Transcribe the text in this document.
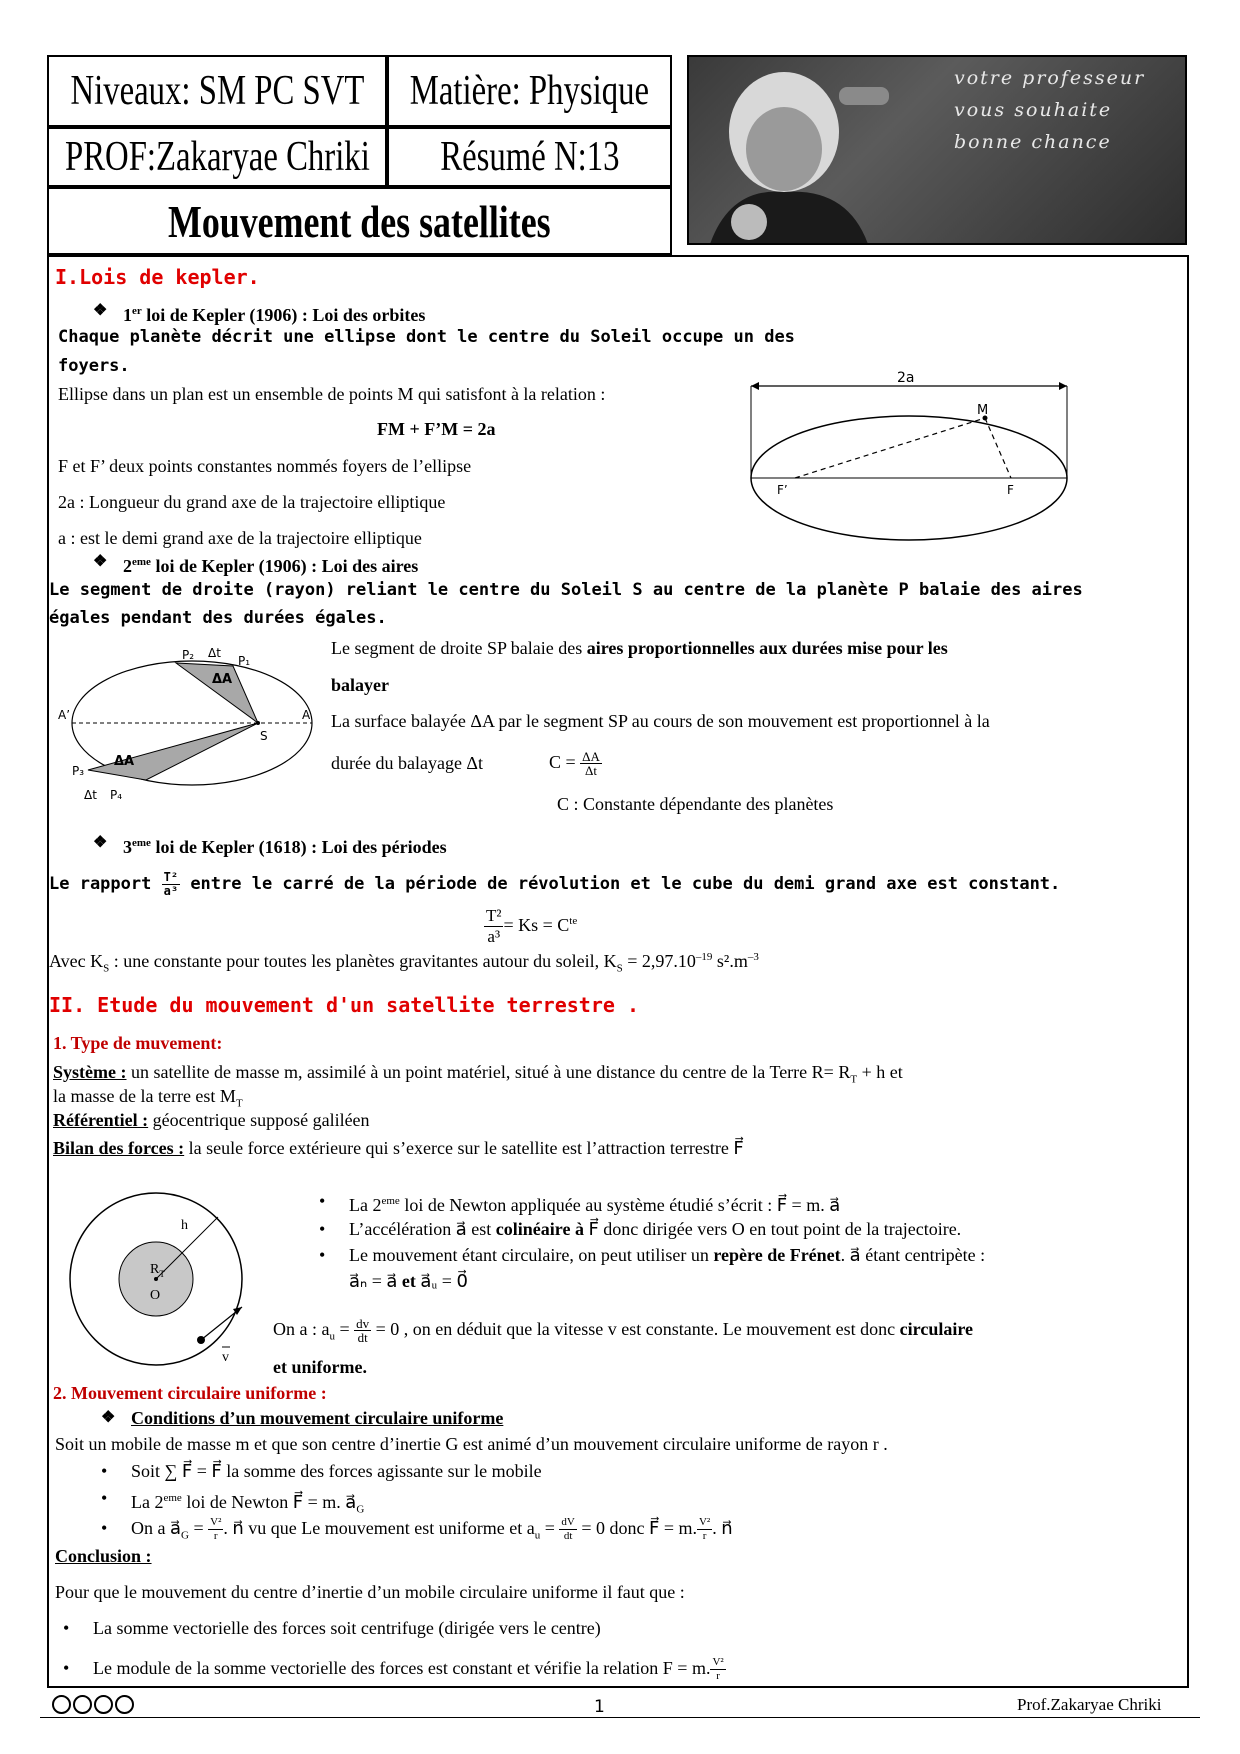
Niveaux: SM PC SVT Matière: Physique
PROF:Zakaryae Chriki Résumé N:13
Mouvement des satellites
votre professeur
vous souhaite
bonne chance
I.Lois de kepler.
❖ 1er loi de Kepler (1906) : Loi des orbites
Chaque planète décrit une ellipse dont le centre du Soleil occupe un des
foyers.
Ellipse dans un plan est un ensemble de points M qui satisfont à la relation :
FM + F’M = 2a
F et F’ deux points constantes nommés foyers de l’ellipse
2a : Longueur du grand axe de la trajectoire elliptique
a : est le demi grand axe de la trajectoire elliptique
2a
M
F’	F
❖ 2eme loi de Kepler (1906) : Loi des aires
Le segment de droite (rayon) reliant le centre du Soleil S au centre de la planète P balaie des aires
égales pendant des durées égales.
P₂ Δt
P₁
ΔA
S
A
A’
ΔA
P₃
Δt P₄
Le segment de droite SP balaie des aires proportionnelles aux durées mise pour les
balayer
La surface balayée ΔA par le segment SP au cours de son mouvement est proportionnel à la
durée du balayage Δt	$C = \frac{\Delta A}{\Delta t}$
C : Constante dépendante des planètes
❖ 3eme loi de Kepler (1618) : Loi des périodes
Le rapport $\frac{\text{T²}}{\text{a³}}$ entre le carré de la période de révolution et le cube du demi grand axe est constant.
$\frac{\text{T²}}{\text{a³}} = Ks = C^{te}$
Avec $K_S$ : une constante pour toutes les planètes gravitantes autour du soleil, $K_S = 2,97.10^{-19}$ $s^2.m^{-3}$
II. Etude du mouvement d'un satellite terrestre .
1. Type de muvement:
Système : un satellite de masse m, assimilé à un point matériel, situé à une distance du centre de la Terre $R= R_T + h$ et
la masse de la terre est $M_T$
Référentiel : géocentrique supposé galiléen
Bilan des forces : la seule force extérieure qui s’exerce sur le satellite est l’attraction terrestre F⃗
h
$R_T$
O
v
• La 2eme loi de Newton appliquée au système étudié s’écrit : F⃗ = m. a⃗
• L’accélération a⃗ est colinéaire à F⃗ donc dirigée vers O en tout point de la trajectoire.
• Le mouvement étant circulaire, on peut utiliser un repère de Frénet. a⃗ étant centripète :
a⃗ₙ = a⃗ et a⃗ᵤ = 0⃗
On a : $a_u = \frac{dv}{dt} = 0$ , on en déduit que la vitesse v est constante. Le mouvement est donc circulaire
et uniforme.
2. Mouvement circulaire uniforme :
❖ Conditions d’un mouvement circulaire uniforme
Soit un mobile de masse m et que son centre d’inertie G est animé d’un mouvement circulaire uniforme de rayon r .
• Soit ∑ F⃗ = F⃗ la somme des forces agissante sur le mobile
• La 2eme loi de Newton F⃗ = m. $a⃗_G$
• On a $a⃗_G = \frac{\text{V²}}{r}$ . n⃗ vu que Le mouvement est uniforme et $a_u = \frac{dV}{dt} = 0$ donc F⃗ = m. $\frac{\text{V²}}{r}$ . n⃗
Conclusion :
Pour que le mouvement du centre d’inertie d’un mobile circulaire uniforme il faut que :
• La somme vectorielle des forces soit centrifuge (dirigée vers le centre)
• Le module de la somme vectorielle des forces est constant et vérifie la relation F = m. $\frac{\text{V²}}{r}$
1	Prof.Zakaryae Chriki
